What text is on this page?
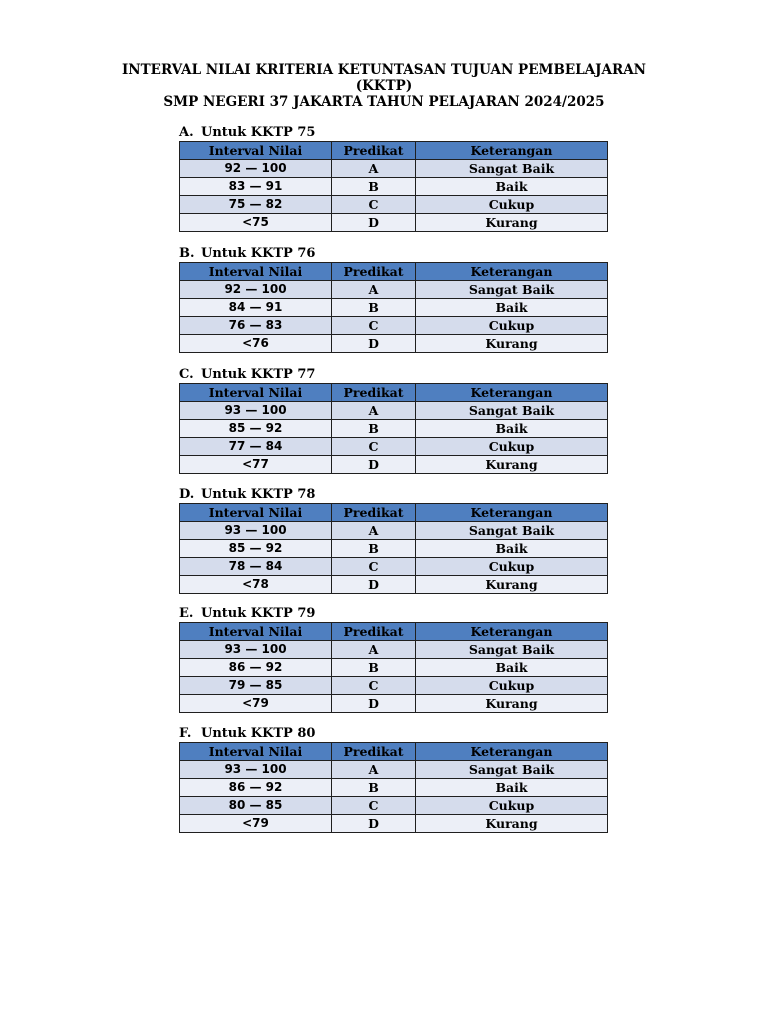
INTERVAL NILAI KRITERIA KETUNTASAN TUJUAN PEMBELAJARAN
(KKTP)
SMP NEGERI 37 JAKARTA TAHUN PELAJARAN 2024/2025
A. Untuk KKTP 75
Interval Nilai	Predikat	Keterangan
92 — 100	A	Sangat Baik
83 — 91	B	Baik
75 — 82	C	Cukup
<75	D	Kurang
B. Untuk KKTP 76
Interval Nilai	Predikat	Keterangan
92 — 100	A	Sangat Baik
84 — 91	B	Baik
76 — 83	C	Cukup
<76	D	Kurang
C. Untuk KKTP 77
Interval Nilai	Predikat	Keterangan
93 — 100	A	Sangat Baik
85 — 92	B	Baik
77 — 84	C	Cukup
<77	D	Kurang
D. Untuk KKTP 78
Interval Nilai	Predikat	Keterangan
93 — 100	A	Sangat Baik
85 — 92	B	Baik
78 — 84	C	Cukup
<78	D	Kurang
E. Untuk KKTP 79
Interval Nilai	Predikat	Keterangan
93 — 100	A	Sangat Baik
86 — 92	B	Baik
79 — 85	C	Cukup
<79	D	Kurang
F. Untuk KKTP 80
Interval Nilai	Predikat	Keterangan
93 — 100	A	Sangat Baik
86 — 92	B	Baik
80 — 85	C	Cukup
<79	D	Kurang
